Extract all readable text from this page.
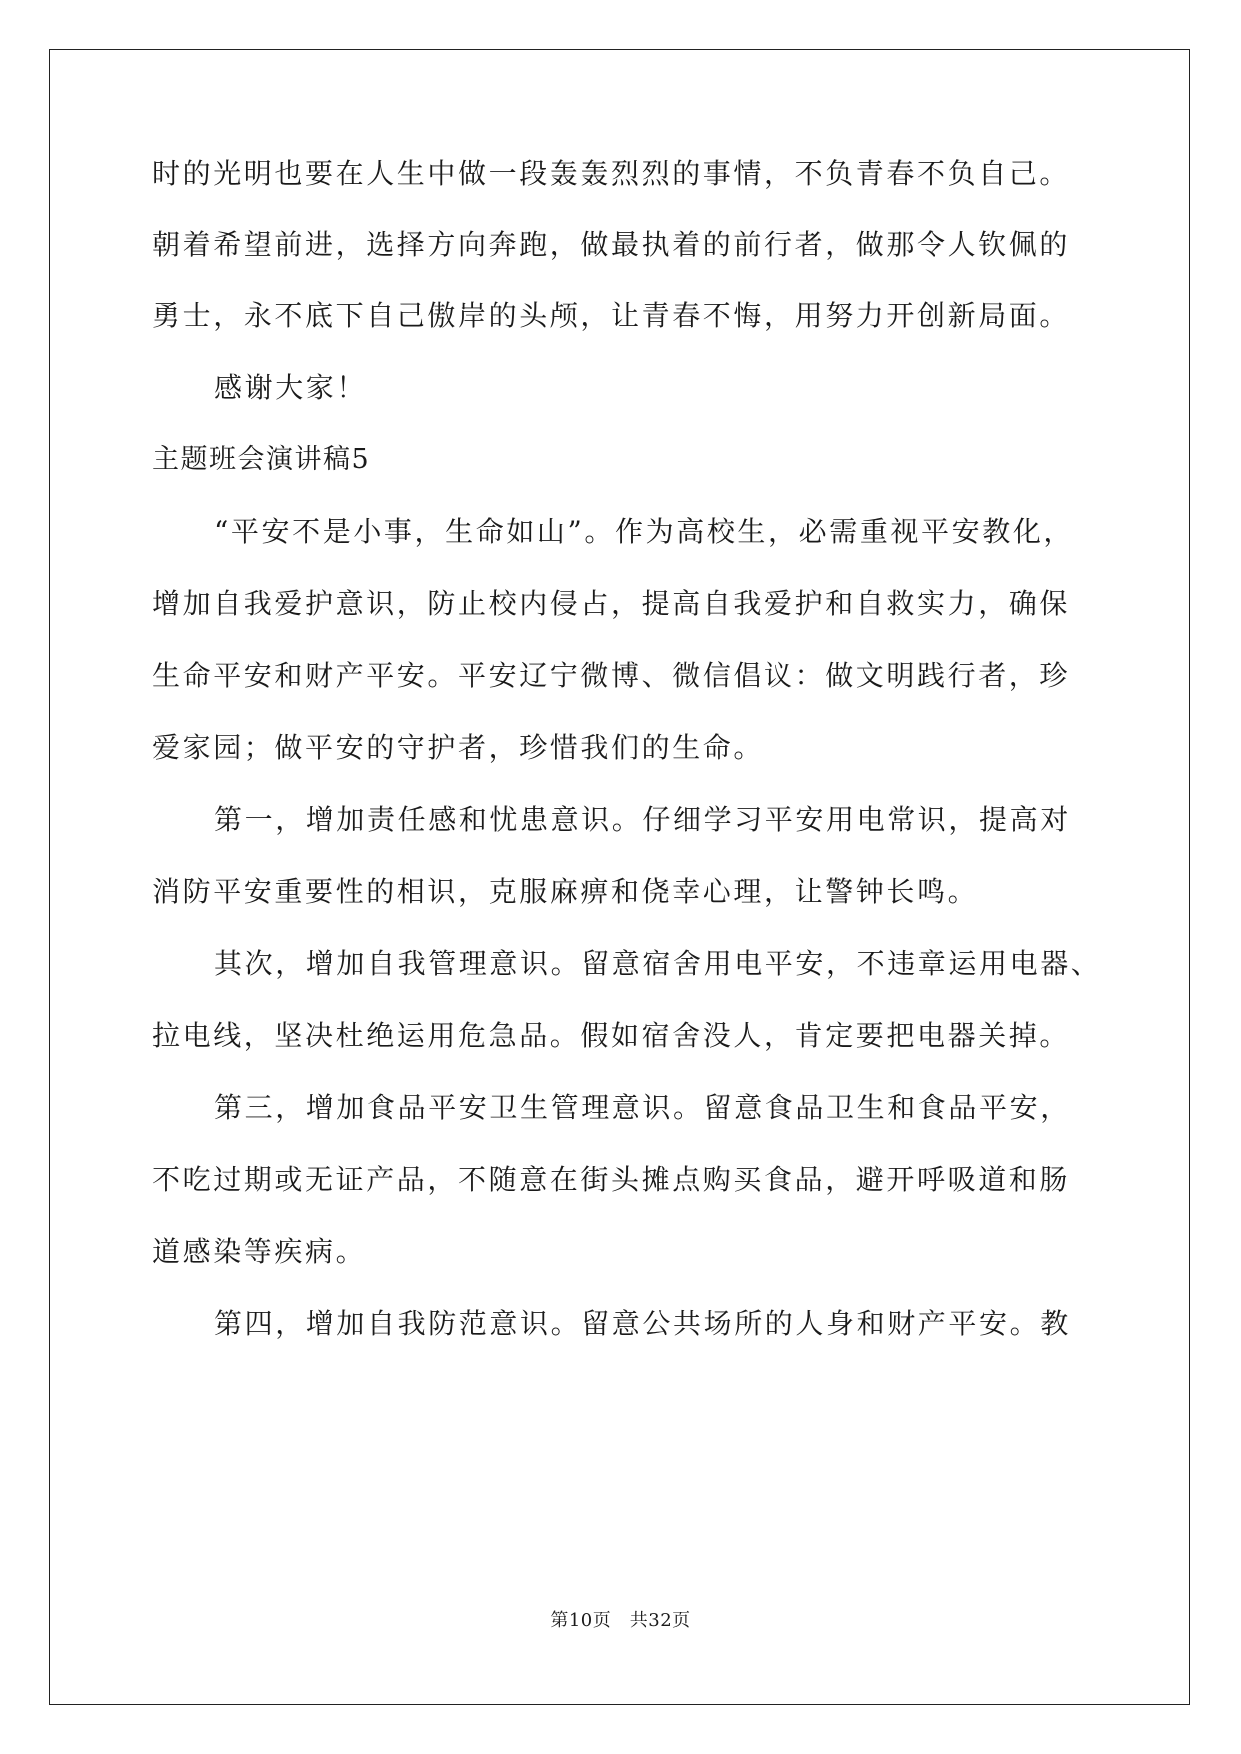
时的光明也要在人生中做一段轰轰烈烈的事情，不负青春不负自己。
朝着希望前进，选择方向奔跑，做最执着的前行者，做那令人钦佩的
勇士，永不底下自己傲岸的头颅，让青春不悔，用努力开创新局面。
感谢大家！
主题班会演讲稿5
“平安不是小事，生命如山”。作为高校生，必需重视平安教化，
增加自我爱护意识，防止校内侵占，提高自我爱护和自救实力，确保
生命平安和财产平安。平安辽宁微博、微信倡议：做文明践行者，珍
爱家园；做平安的守护者，珍惜我们的生命。
第一，增加责任感和忧患意识。仔细学习平安用电常识，提高对
消防平安重要性的相识，克服麻痹和侥幸心理，让警钟长鸣。
其次，增加自我管理意识。留意宿舍用电平安，不违章运用电器、
拉电线，坚决杜绝运用危急品。假如宿舍没人，肯定要把电器关掉。
第三，增加食品平安卫生管理意识。留意食品卫生和食品平安，
不吃过期或无证产品，不随意在街头摊点购买食品，避开呼吸道和肠
道感染等疾病。
第四，增加自我防范意识。留意公共场所的人身和财产平安。教
第10页　共32页
